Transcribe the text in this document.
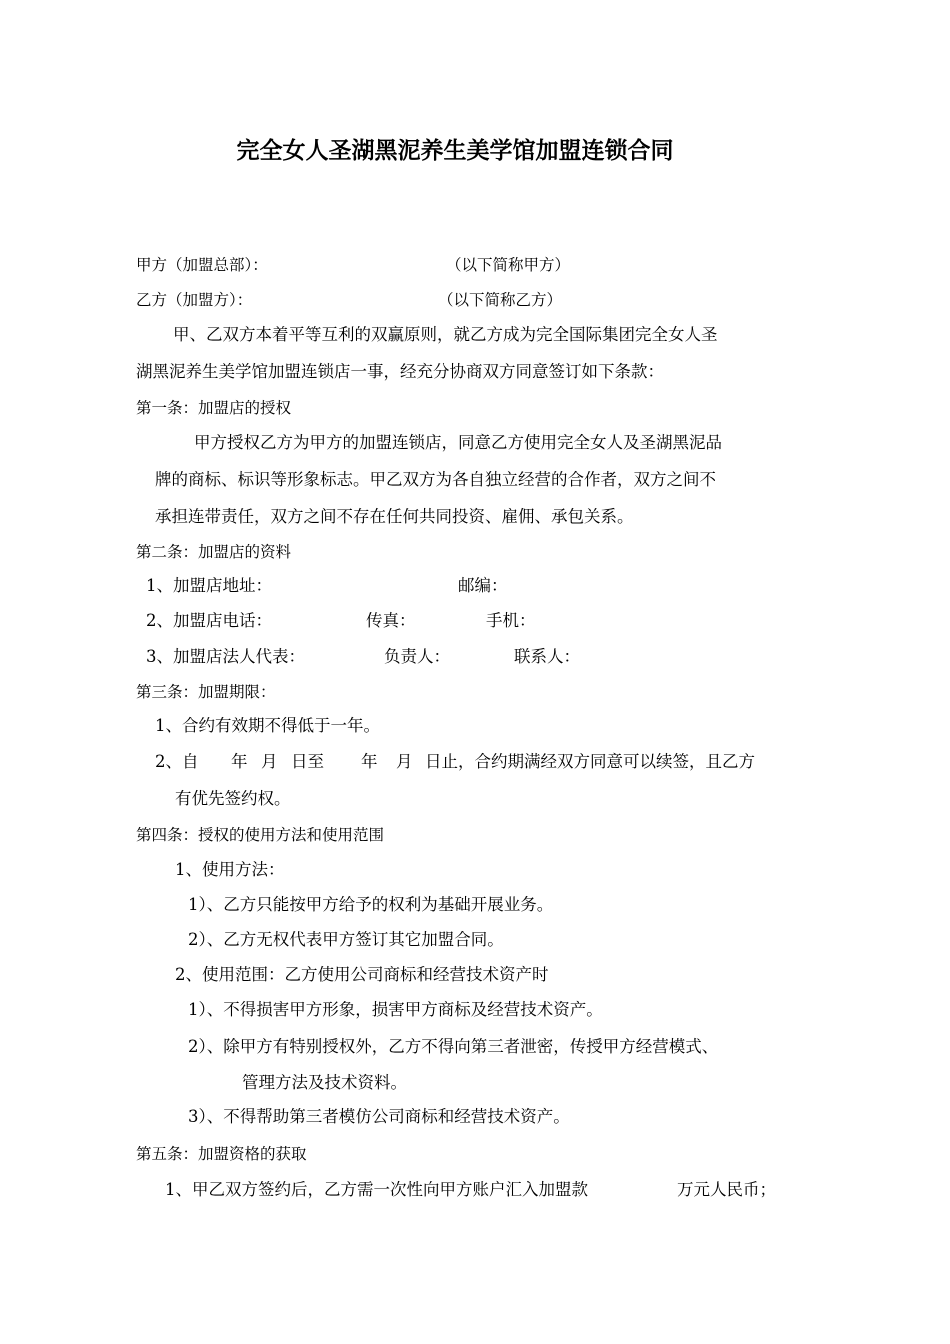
完全女人圣湖黑泥养生美学馆加盟连锁合同
甲方（加盟总部）：	（以下简称甲方）
乙方（加盟方）：	（以下简称乙方）
甲、乙双方本着平等互利的双赢原则，就乙方成为完全国际集团完全女人圣
湖黑泥养生美学馆加盟连锁店一事，经充分协商双方同意签订如下条款：
第一条：加盟店的授权
甲方授权乙方为甲方的加盟连锁店，同意乙方使用完全女人及圣湖黑泥品
牌的商标、标识等形象标志。甲乙双方为各自独立经营的合作者，双方之间不
承担连带责任，双方之间不存在任何共同投资、雇佣、承包关系。
第二条：加盟店的资料
1、加盟店地址：	邮编：
2、加盟店电话：	传真：	手机：
3、加盟店法人代表：	负责人：	联系人：
第三条：加盟期限：
1、合约有效期不得低于一年。
2、自 年 月 日至 年 月 日止，合约期满经双方同意可以续签，且乙方
有优先签约权。
第四条：授权的使用方法和使用范围
1、使用方法：
1）、乙方只能按甲方给予的权利为基础开展业务。
2）、乙方无权代表甲方签订其它加盟合同。
2、使用范围：乙方使用公司商标和经营技术资产时
1）、不得损害甲方形象，损害甲方商标及经营技术资产。
2）、除甲方有特别授权外，乙方不得向第三者泄密，传授甲方经营模式、
管理方法及技术资料。
3）、不得帮助第三者模仿公司商标和经营技术资产。
第五条：加盟资格的获取
1、甲乙双方签约后，乙方需一次性向甲方账户汇入加盟款	万元人民币；
